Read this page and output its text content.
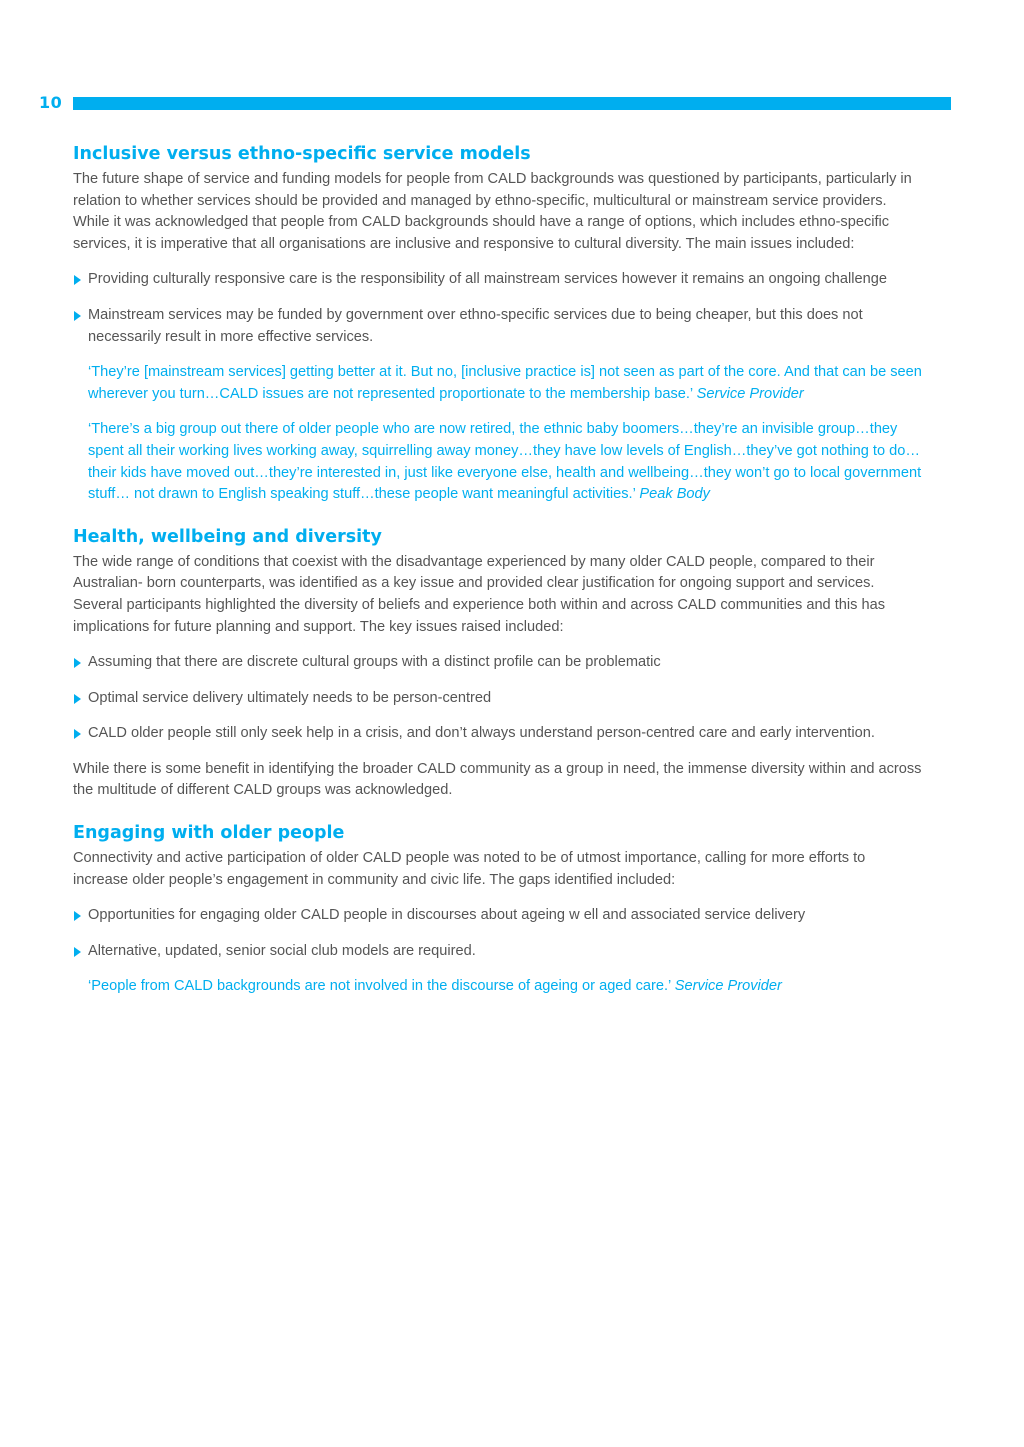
10
Inclusive versus ethno-specific service models

The future shape of service and funding models for people from CALD backgrounds was questioned by participants, particularly in relation to whether services should be provided and managed by ethno-specific, multicultural or mainstream service providers. While it was acknowledged that people from CALD backgrounds should have a range of options, which includes ethno-specific services, it is imperative that all organisations are inclusive and responsive to cultural diversity. The main issues included:

Providing culturally responsive care is the responsibility of all mainstream services however it remains an ongoing challenge
Mainstream services may be funded by government over ethno-specific services due to being cheaper, but this does not necessarily result in more effective services.

‘They’re [mainstream services] getting better at it. But no, [inclusive practice is] not seen as part of the core. And that can be seen wherever you turn…CALD issues are not represented proportionate to the membership base.’ Service Provider

‘There’s a big group out there of older people who are now retired, the ethnic baby boomers…they’re an invisible group…they spent all their working lives working away, squirrelling away money…they have low levels of English…they’ve got nothing to do…their kids have moved out…they’re interested in, just like everyone else, health and wellbeing…they won’t go to local government stuff… not drawn to English speaking stuff…these people want meaningful activities.’ Peak Body

Health, wellbeing and diversity

The wide range of conditions that coexist with the disadvantage experienced by many older CALD people, compared to their Australian- born counterparts, was identified as a key issue and provided clear justification for ongoing support and services. Several participants highlighted the diversity of beliefs and experience both within and across CALD communities and this has implications for future planning and support. The key issues raised included:

Assuming that there are discrete cultural groups with a distinct profile can be problematic
Optimal service delivery ultimately needs to be person-centred
CALD older people still only seek help in a crisis, and don’t always understand person-centred care and early intervention.

While there is some benefit in identifying the broader CALD community as a group in need, the immense diversity within and across the multitude of different CALD groups was acknowledged.

Engaging with older people

Connectivity and active participation of older CALD people was noted to be of utmost importance, calling for more efforts to increase older people’s engagement in community and civic life. The gaps identified included:

Opportunities for engaging older CALD people in discourses about ageing w ell and associated service delivery
Alternative, updated, senior social club models are required.

‘People from CALD backgrounds are not involved in the discourse of ageing or aged care.’ Service Provider
